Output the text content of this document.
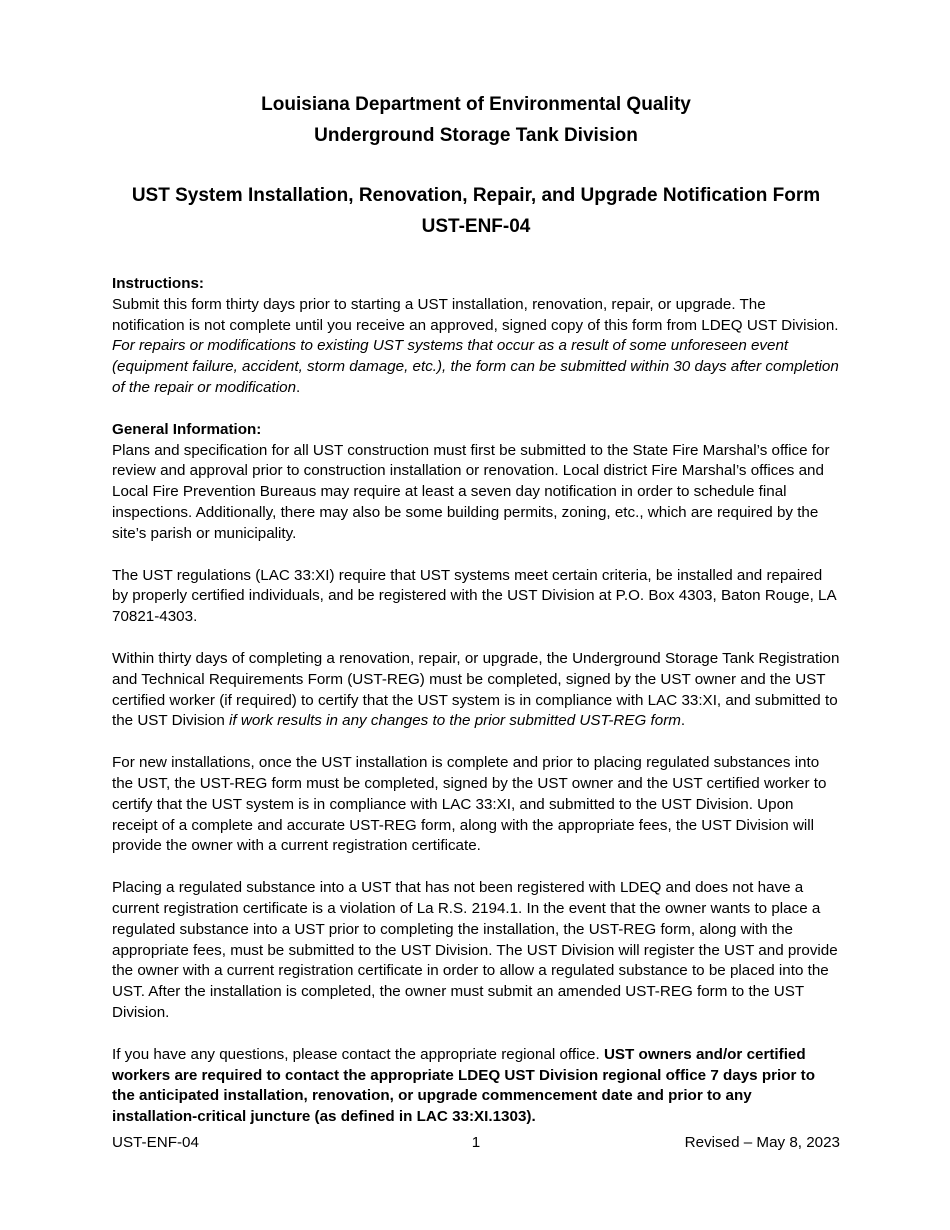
Louisiana Department of Environmental Quality

Underground Storage Tank Division

UST System Installation, Renovation, Repair, and Upgrade Notification Form

UST-ENF-04

Instructions:

Submit this form thirty days prior to starting a UST installation, renovation, repair, or upgrade. The notification is not complete until you receive an approved, signed copy of this form from LDEQ UST Division. For repairs or modifications to existing UST systems that occur as a result of some unforeseen event (equipment failure, accident, storm damage, etc.), the form can be submitted within 30 days after completion of the repair or modification.

General Information:

Plans and specification for all UST construction must first be submitted to the State Fire Marshal’s office for review and approval prior to construction installation or renovation. Local district Fire Marshal’s offices and Local Fire Prevention Bureaus may require at least a seven day notification in order to schedule final inspections. Additionally, there may also be some building permits, zoning, etc., which are required by the site’s parish or municipality.

The UST regulations (LAC 33:XI) require that UST systems meet certain criteria, be installed and repaired by properly certified individuals, and be registered with the UST Division at P.O. Box 4303, Baton Rouge, LA 70821-4303.

Within thirty days of completing a renovation, repair, or upgrade, the Underground Storage Tank Registration and Technical Requirements Form (UST-REG) must be completed, signed by the UST owner and the UST certified worker (if required) to certify that the UST system is in compliance with LAC 33:XI, and submitted to the UST Division if work results in any changes to the prior submitted UST-REG form.

For new installations, once the UST installation is complete and prior to placing regulated substances into the UST, the UST-REG form must be completed, signed by the UST owner and the UST certified worker to certify that the UST system is in compliance with LAC 33:XI, and submitted to the UST Division. Upon receipt of a complete and accurate UST-REG form, along with the appropriate fees, the UST Division will provide the owner with a current registration certificate.

Placing a regulated substance into a UST that has not been registered with LDEQ and does not have a current registration certificate is a violation of La R.S. 2194.1. In the event that the owner wants to place a regulated substance into a UST prior to completing the installation, the UST-REG form, along with the appropriate fees, must be submitted to the UST Division. The UST Division will register the UST and provide the owner with a current registration certificate in order to allow a regulated substance to be placed into the UST. After the installation is completed, the owner must submit an amended UST-REG form to the UST Division.

If you have any questions, please contact the appropriate regional office. UST owners and/or certified workers are required to contact the appropriate LDEQ UST Division regional office 7 days prior to the anticipated installation, renovation, or upgrade commencement date and prior to any installation-critical juncture (as defined in LAC 33:XI.1303).

UST-ENF-04	1	Revised – May 8, 2023
